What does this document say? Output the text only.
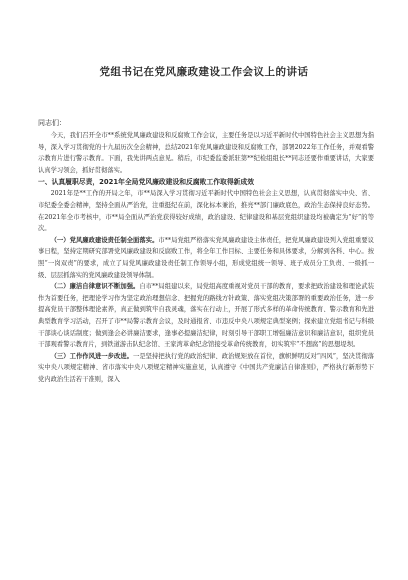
党组书记在党风廉政建设工作会议上的讲话
同志们：

今天，我们召开全市**系统党风廉政建设和反腐败工作会议，主要任务是以习近平新时代中国特色社会主义思想为指导，深入学习贯彻党的十九届历次全会精神，总结2021年党风廉政建设和反腐败工作，部署2022年工作任务，并观看警示教育片进行警示教育。下面，我先讲两点意见。稍后，市纪委监委派驻第**纪检组组长**同志还要作重要讲话，大家要认真学习领会，抓好贯彻落实。

一、认真履职尽责，2021年全局党风廉政建设和反腐败工作取得新成效

2021年是**工作的开局之年，市**局深入学习贯彻习近平新时代中国特色社会主义思想，认真贯彻落实中央、省、市纪委全委会精神，坚持全面从严治党，注重挺纪在前，深化标本兼治，推亮**部门廉政底色，政治生态保持良好态势。在2021年全市考核中，市**局全面从严治党获得较好成绩，政治建设、纪律建设和基层党组织建设均被确定为“好”的等次。

（一）党风廉政建设责任制全面落实。市**局党组严格落实党风廉政建设主体责任，把党风廉政建设列入党组重要议事日程，坚持定期研究部署党风廉政建设和反腐败工作，将全年工作目标、主要任务和具体要求，分解到各科、中心。按照“一岗双责”的要求，成立了局党风廉政建设责任制工作领导小组，形成党组统一领导、班子成员分工负责、一级抓一级、层层抓落实的党风廉政建设领导体制。

（二）廉洁自律意识不断加强。自市**局组建以来，局党组高度重视对党员干部的教育，要求把政治建设和理论武装作为首要任务，把理论学习作为坚定政治理想信念、把握党的路线方针政策、落实党组决策部署的重要政治任务，进一步提高党员干部整体理论素养，真正做到筑牢自我灵魂，落实在行动上，开展了形式多样的革命传统教育、警示教育和先进典型教育学习活动，召开了市**局警示教育会议，及时通报省、市违反中央八项规定典型案例；探索建立党组书记与科级干部谈心谈话制度；做到逢会必讲廉洁要求，逢事必提廉洁纪律，时刻引导干部职工增强廉洁意识和廉洁意识，组织党员干部观看警示教育片，到铁道游击队纪念馆、王家湾革命纪念馆接受革命传统教育，切实筑牢“不想腐”的思想堤坝。

（三）工作作风进一步改进。一是坚持把执行党的政治纪律、政治规矩放在首位，旗帜鲜明反对“四风”，坚决贯彻落实中央八项规定精神、省市落实中央八项规定精神实施意见，认真遵守《中国共产党廉洁自律准则》，严格执行新形势下党内政治生活若干准则，深入
